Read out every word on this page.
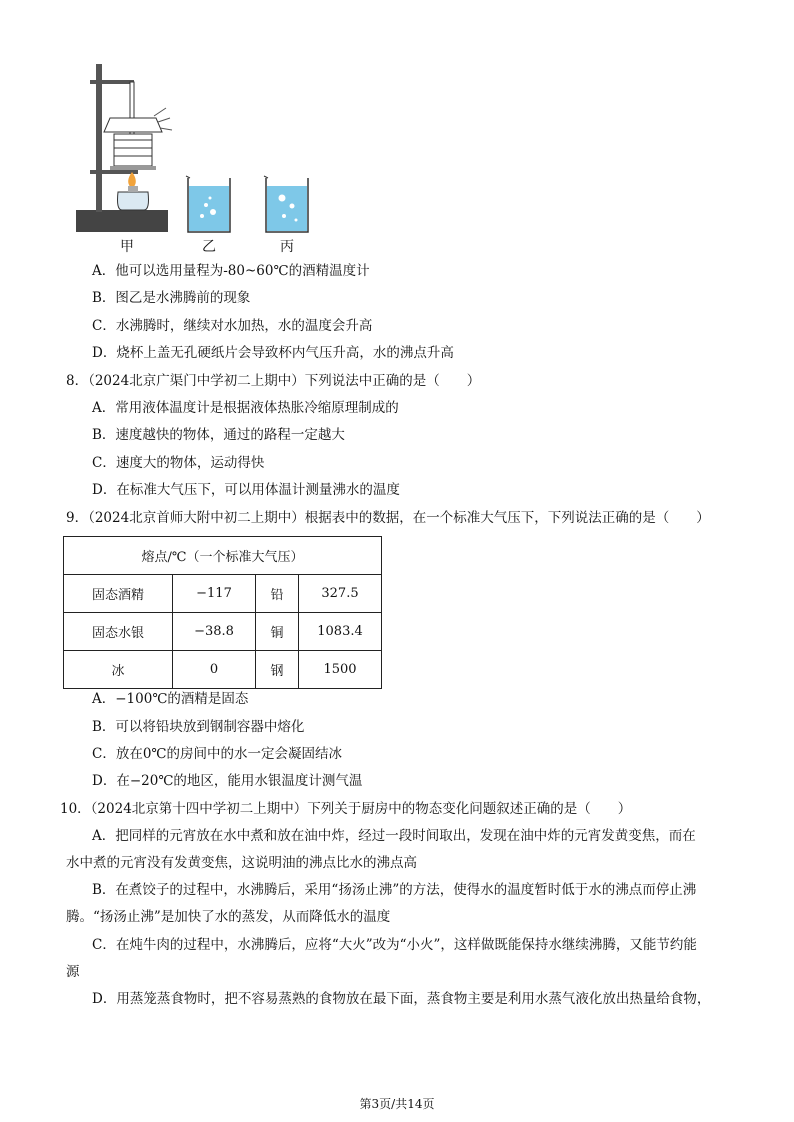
甲	乙	丙
A．他可以选用量程为-80~60℃的酒精温度计
B．图乙是水沸腾前的现象
C．水沸腾时，继续对水加热，水的温度会升高
D．烧杯上盖无孔硬纸片会导致杯内气压升高，水的沸点升高
8．（2024北京广渠门中学初二上期中）下列说法中正确的是（　　）
A．常用液体温度计是根据液体热胀冷缩原理制成的
B．速度越快的物体，通过的路程一定越大
C．速度大的物体，运动得快
D．在标准大气压下，可以用体温计测量沸水的温度
9．（2024北京首师大附中初二上期中）根据表中的数据，在一个标准大气压下，下列说法正确的是（　　）
熔点/℃（一个标准大气压）			
固态酒精	−117	铅	327.5
固态水银	−38.8	铜	1083.4
冰	0	钢	1500
A．−100℃的酒精是固态
B．可以将铅块放到钢制容器中熔化
C．放在0℃的房间中的水一定会凝固结冰
D．在−20℃的地区，能用水银温度计测气温
10．（2024北京第十四中学初二上期中）下列关于厨房中的物态变化问题叙述正确的是（　　）
A．把同样的元宵放在水中煮和放在油中炸，经过一段时间取出，发现在油中炸的元宵发黄变焦，而在
水中煮的元宵没有发黄变焦，这说明油的沸点比水的沸点高
B．在煮饺子的过程中，水沸腾后，采用“扬汤止沸”的方法，使得水的温度暂时低于水的沸点而停止沸
腾。“扬汤止沸”是加快了水的蒸发，从而降低水的温度
C．在炖牛肉的过程中，水沸腾后，应将“大火”改为“小火”，这样做既能保持水继续沸腾，又能节约能
源
D．用蒸笼蒸食物时，把不容易蒸熟的食物放在最下面，蒸食物主要是利用水蒸气液化放出热量给食物，
第3页/共14页
